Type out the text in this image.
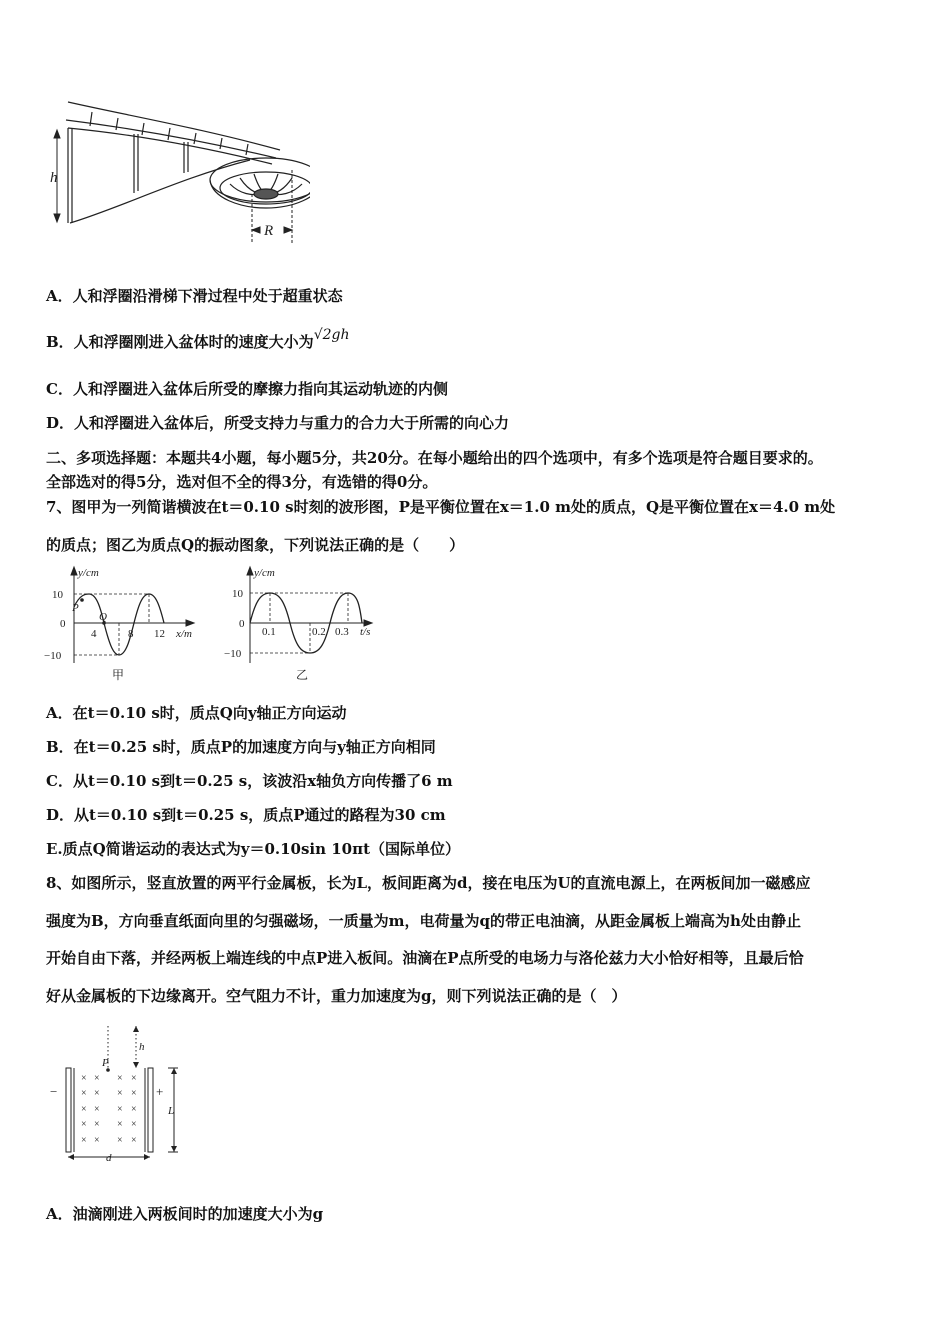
h
R
A．人和浮圈沿滑梯下滑过程中处于超重状态
B．人和浮圈刚进入盆体时的速度大小为√2gh
C．人和浮圈进入盆体后所受的摩擦力指向其运动轨迹的内侧
D．人和浮圈进入盆体后，所受支持力与重力的合力大于所需的向心力
二、多项选择题：本题共4小题，每小题5分，共20分。在每小题给出的四个选项中，有多个选项是符合题目要求的。
全部选对的得5分，选对但不全的得3分，有选错的得0分。
7、图甲为一列简谐横波在t＝0.10 s时刻的波形图，P是平衡位置在x＝1.0 m处的质点，Q是平衡位置在x＝4.0 m处
的质点；图乙为质点Q的振动图象，下列说法正确的是（　　）
y/cm
10
0
−10
4	8 12 x/m
P
Q
甲
y/cm
10
0
−10
0.1	0.2 0.3 t/s
乙
A．在t＝0.10 s时，质点Q向y轴正方向运动
B．在t＝0.25 s时，质点P的加速度方向与y轴正方向相同
C．从t＝0.10 s到t＝0.25 s，该波沿x轴负方向传播了6 m
D．从t＝0.10 s到t＝0.25 s，质点P通过的路程为30 cm
E.质点Q简谐运动的表达式为y＝0.10sin 10πt（国际单位）
8、如图所示，竖直放置的两平行金属板，长为L，板间距离为d，接在电压为U的直流电源上，在两板间加一磁感应
强度为B，方向垂直纸面向里的匀强磁场，一质量为m，电荷量为q的带正电油滴，从距金属板上端高为h处由静止
开始自由下落，并经两板上端连线的中点P进入板间。油滴在P点所受的电场力与洛伦兹力大小恰好相等，且最后恰
好从金属板的下边缘离开。空气阻力不计，重力加速度为g，则下列说法正确的是（　）
−	+
P
h
L
d
× × × ×
× × × ×
× × × ×
× × × ×
× × × ×
A．油滴刚进入两板间时的加速度大小为g
